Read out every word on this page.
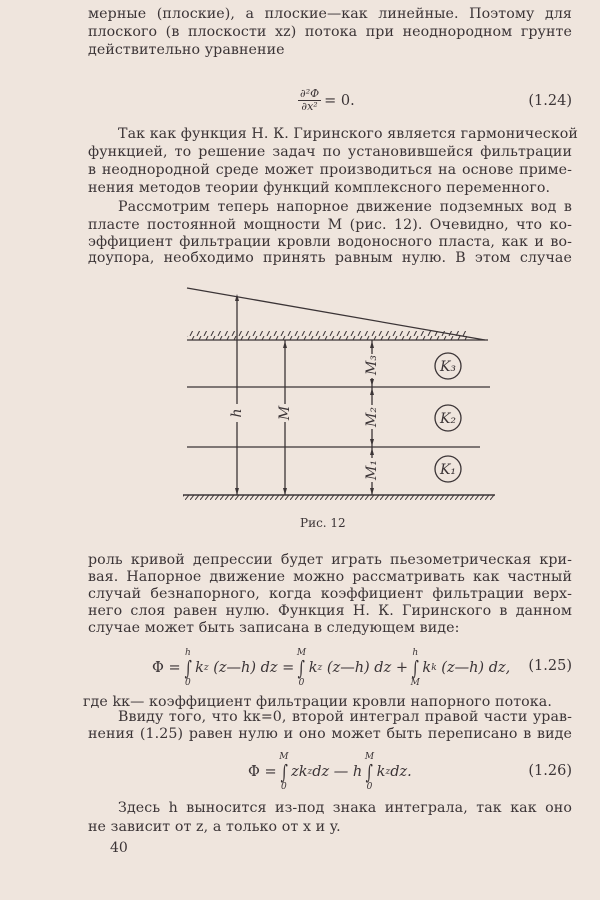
мерные (плоские), а плоские—как линейные. Поэтому для
плоского (в плоскости xz) потока при неоднородном грунте
действительно уравнение
$\frac{\text{∂²Φ}}{\text{∂x²}} = 0$.	(1.24)
Так как функция Н. К. Гиринского является гармонической
функцией, то решение задач по установившейся фильтрации
в неоднородной среде может производиться на основе приме-
нения методов теории функций комплексного переменного.
Рассмотрим теперь напорное движение подземных вод в
пласте постоянной мощности M (рис. 12). Очевидно, что ко-
эффициент фильтрации кровли водоносного пласта, как и во-
доупора, необходимо принять равным нулю. В этом случае
h M
M₃
M₂
M₁
K₃
K₂
K₁
Рис. 12
роль кривой депрессии будет играть пьезометрическая кри-
вая. Напорное движение можно рассматривать как частный
случай безнапорного, когда коэффициент фильтрации верх-
него слоя равен нулю. Функция Н. К. Гиринского в данном
случае может быть записана в следующем виде:
Φ =
h
∫
0
k z
(z—h) dz =
M
∫
0
k z
(z—h) dz +
h
∫
M
k k
(z—h) dz, (1.25)
где kк— коэффициент фильтрации кровли напорного потока.
Ввиду того, что kк=0, второй интеграл правой части урав-
нения (1.25) равен нулю и оно может быть переписано в виде
Φ =
M
∫
0
zk z dz — h
M
∫
0
k z dz.	(1.26)
Здесь h выносится из-под знака интеграла, так как оно
не зависит от z, а только от x и y.
40
